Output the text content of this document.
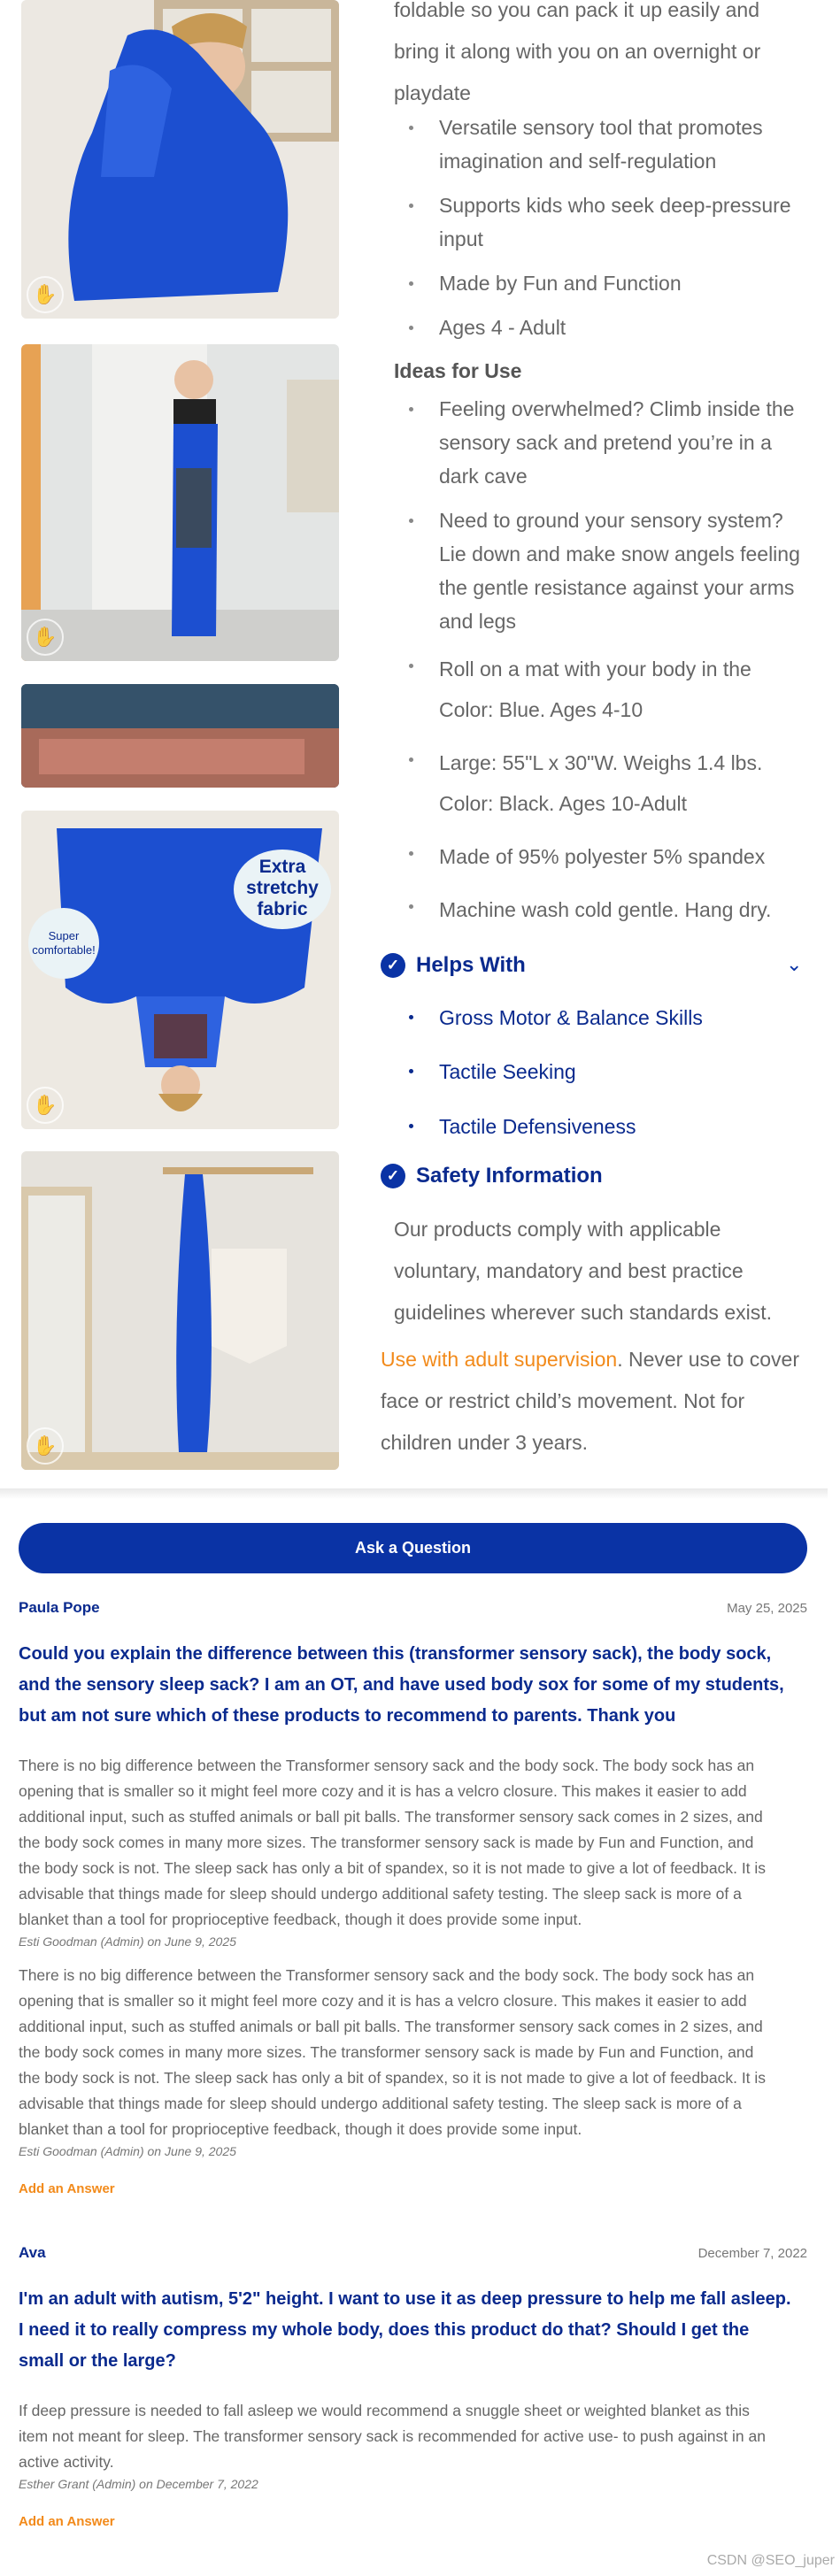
✋
✋
Extra
stretchy
fabric
Super
comfortable!
✋
✋
foldable so you can pack it up easily and
bring it along with you on an overnight or
playdate
Versatile sensory tool that promotes
imagination and self-regulation
Supports kids who seek deep-pressure
input
Made by Fun and Function
Ages 4 - Adult
Ideas for Use
Feeling overwhelmed? Climb inside the
sensory sack and pretend you’re in a
dark cave
Need to ground your sensory system?
Lie down and make snow angels feeling
the gentle resistance against your arms
and legs
Roll on a mat with your body in the
Color: Blue. Ages 4-10
Large: 55"L x 30"W. Weighs 1.4 lbs.
Color: Black. Ages 10-Adult
Made of 95% polyester 5% spandex
Machine wash cold gentle. Hang dry.
✓ Helps With	⌄
Gross Motor & Balance Skills
Tactile Seeking
Tactile Defensiveness
✓ Safety Information
Our products comply with applicable
voluntary, mandatory and best practice
guidelines wherever such standards exist.
Use with adult supervision. Never use to cover
face or restrict child’s movement. Not for
children under 3 years.
Ask a Question
Paula Pope	May 25, 2025
Could you explain the difference between this (transformer sensory sack), the body sock,
and the sensory sleep sack? I am an OT, and have used body sox for some of my students,
but am not sure which of these products to recommend to parents. Thank you
There is no big difference between the Transformer sensory sack and the body sock. The body sock has an
opening that is smaller so it might feel more cozy and it is has a velcro closure. This makes it easier to add
additional input, such as stuffed animals or ball pit balls. The transformer sensory sack comes in 2 sizes, and
the body sock comes in many more sizes. The transformer sensory sack is made by Fun and Function, and
the body sock is not. The sleep sack has only a bit of spandex, so it is not made to give a lot of feedback. It is
advisable that things made for sleep should undergo additional safety testing. The sleep sack is more of a
blanket than a tool for proprioceptive feedback, though it does provide some input.
Esti Goodman (Admin) on June 9, 2025
There is no big difference between the Transformer sensory sack and the body sock. The body sock has an
opening that is smaller so it might feel more cozy and it is has a velcro closure. This makes it easier to add
additional input, such as stuffed animals or ball pit balls. The transformer sensory sack comes in 2 sizes, and
the body sock comes in many more sizes. The transformer sensory sack is made by Fun and Function, and
the body sock is not. The sleep sack has only a bit of spandex, so it is not made to give a lot of feedback. It is
advisable that things made for sleep should undergo additional safety testing. The sleep sack is more of a
blanket than a tool for proprioceptive feedback, though it does provide some input.
Esti Goodman (Admin) on June 9, 2025
Add an Answer
Ava	December 7, 2022
I'm an adult with autism, 5'2" height. I want to use it as deep pressure to help me fall asleep.
I need it to really compress my whole body, does this product do that? Should I get the
small or the large?
If deep pressure is needed to fall asleep we would recommend a snuggle sheet or weighted blanket as this
item not meant for sleep. The transformer sensory sack is recommended for active use- to push against in an
active activity.
Esther Grant (Admin) on December 7, 2022
Add an Answer
CSDN @SEO_juper
